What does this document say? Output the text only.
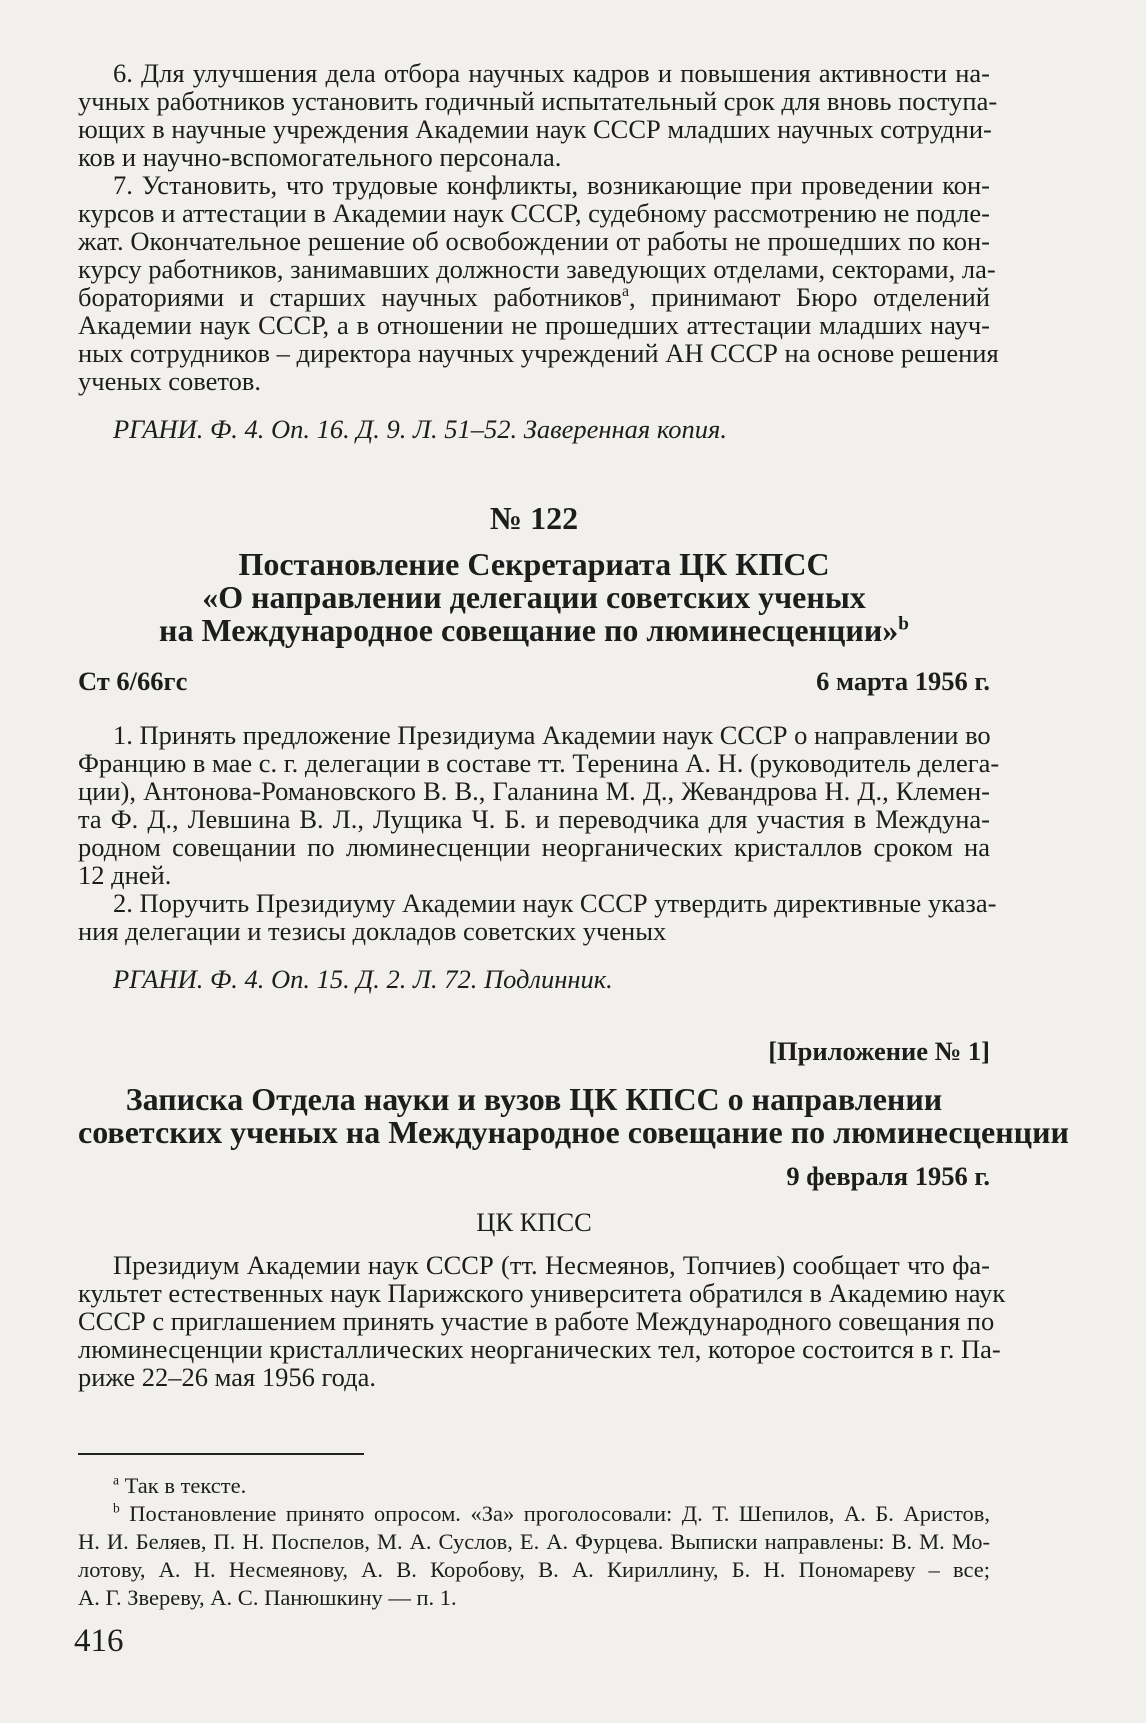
6. Для улучшения дела отбора научных кадров и повышения активности на-
учных работников установить годичный испытательный срок для вновь поступа-
ющих в научные учреждения Академии наук СССР младших научных сотрудни-
ков и научно-вспомогательного персонала.
7. Установить, что трудовые конфликты, возникающие при проведении кон-
курсов и аттестации в Академии наук СССР, судебному рассмотрению не подле-
жат. Окончательное решение об освобождении от работы не прошедших по кон-
курсу работников, занимавших должности заведующих отделами, секторами, ла-
бораториями и старших научных работников$^а$, принимают Бюро отделений
Академии наук СССР, а в отношении не прошедших аттестации младших науч-
ных сотрудников – директора научных учреждений АН СССР на основе решения
ученых советов.
РГАНИ. Ф. 4. Оп. 16. Д. 9. Л. 51–52. Заверенная копия.
№ 122
Постановление Секретариата ЦК КПСС
«О направлении делегации советских ученых
на Международное совещание по люминесценции»$^b$
Ст 6/66гс	6 марта 1956 г.
1. Принять предложение Президиума Академии наук СССР о направлении во
Францию в мае с. г. делегации в составе тт. Теренина А. Н. (руководитель делега-
ции), Антонова-Романовского В. В., Галанина М. Д., Жевандрова Н. Д., Клемен-
та Ф. Д., Левшина В. Л., Лущика Ч. Б. и переводчика для участия в Междуна-
родном совещании по люминесценции неорганических кристаллов сроком на
12 дней.
2. Поручить Президиуму Академии наук СССР утвердить директивные указа-
ния делегации и тезисы докладов советских ученых
РГАНИ. Ф. 4. Оп. 15. Д. 2. Л. 72. Подлинник.
[Приложение № 1]
Записка Отдела науки и вузов ЦК КПСС о направлении
советских ученых на Международное совещание по люминесценции
9 февраля 1956 г.
ЦК КПСС
Президиум Академии наук СССР (тт. Несмеянов, Топчиев) сообщает что фа-
культет естественных наук Парижского университета обратился в Академию наук
СССР с приглашением принять участие в работе Международного совещания по
люминесценции кристаллических неорганических тел, которое состоится в г. Па-
риже 22–26 мая 1956 года.
$^а$ Так в тексте.
$^b$ Постановление принято опросом. «За» проголосовали: Д. Т. Шепилов, А. Б. Аристов,
Н. И. Беляев, П. Н. Поспелов, М. А. Суслов, Е. А. Фурцева. Выписки направлены: В. М. Мо-
лотову, А. Н. Несмеянову, А. В. Коробову, В. А. Кириллину, Б. Н. Пономареву – все;
А. Г. Звереву, А. С. Панюшкину — п. 1.
416
